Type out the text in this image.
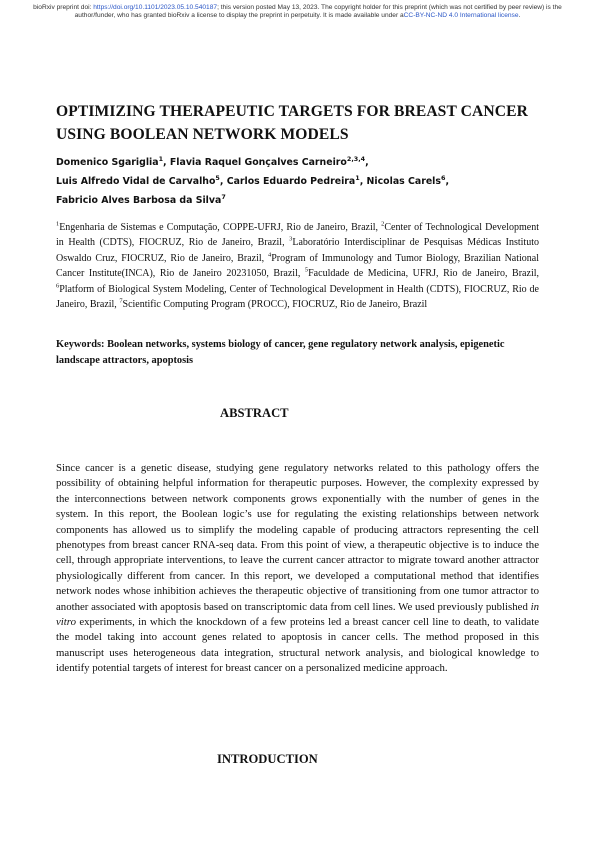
bioRxiv preprint doi: https://doi.org/10.1101/2023.05.10.540187; this version posted May 13, 2023. The copyright holder for this preprint (which was not certified by peer review) is the author/funder, who has granted bioRxiv a license to display the preprint in perpetuity. It is made available under aCC-BY-NC-ND 4.0 International license.
OPTIMIZING THERAPEUTIC TARGETS FOR BREAST CANCER
USING BOOLEAN NETWORK MODELS
Domenico Sgariglia$^1$, Flavia Raquel Gonçalves Carneiro$^{2,3,4}$,
Luis Alfredo Vidal de Carvalho$^5$, Carlos Eduardo Pedreira$^1$, Nicolas Carels$^6$,
Fabricio Alves Barbosa da Silva$^7$
$^1$Engenharia de Sistemas e Computação, COPPE-UFRJ, Rio de Janeiro, Brazil, $^2$Center of Technological Development in Health (CDTS), FIOCRUZ, Rio de Janeiro, Brazil, $^3$Laboratório Interdisciplinar de Pesquisas Médicas Instituto Oswaldo Cruz, FIOCRUZ, Rio de Janeiro, Brazil, $^4$Program of Immunology and Tumor Biology, Brazilian National Cancer Institute(INCA), Rio de Janeiro 20231050, Brazil, $^5$Faculdade de Medicina, UFRJ, Rio de Janeiro, Brazil, $^6$Platform of Biological System Modeling, Center of Technological Development in Health (CDTS), FIOCRUZ, Rio de Janeiro, Brazil, $^7$Scientific Computing Program (PROCC), FIOCRUZ, Rio de Janeiro, Brazil
Keywords: Boolean networks, systems biology of cancer, gene regulatory network analysis, epigenetic landscape attractors, apoptosis
ABSTRACT

Since cancer is a genetic disease, studying gene regulatory networks related to this pathology offers the possibility of obtaining helpful information for therapeutic purposes. However, the complexity expressed by the interconnections between network components grows exponentially with the number of genes in the system. In this report, the Boolean logic’s use for regulating the existing relationships between network components has allowed us to simplify the modeling capable of producing attractors representing the cell phenotypes from breast cancer RNA-seq data. From this point of view, a therapeutic objective is to induce the cell, through appropriate interventions, to leave the current cancer attractor to migrate toward another attractor physiologically different from cancer. In this report, we developed a computational method that identifies network nodes whose inhibition achieves the therapeutic objective of transitioning from one tumor attractor to another associated with apoptosis based on transcriptomic data from cell lines. We used previously published in vitro experiments, in which the knockdown of a few proteins led a breast cancer cell line to death, to validate the model taking into account genes related to apoptosis in cancer cells. The method proposed in this manuscript uses heterogeneous data integration, structural network analysis, and biological knowledge to identify potential targets of interest for breast cancer on a personalized medicine approach.

INTRODUCTION
